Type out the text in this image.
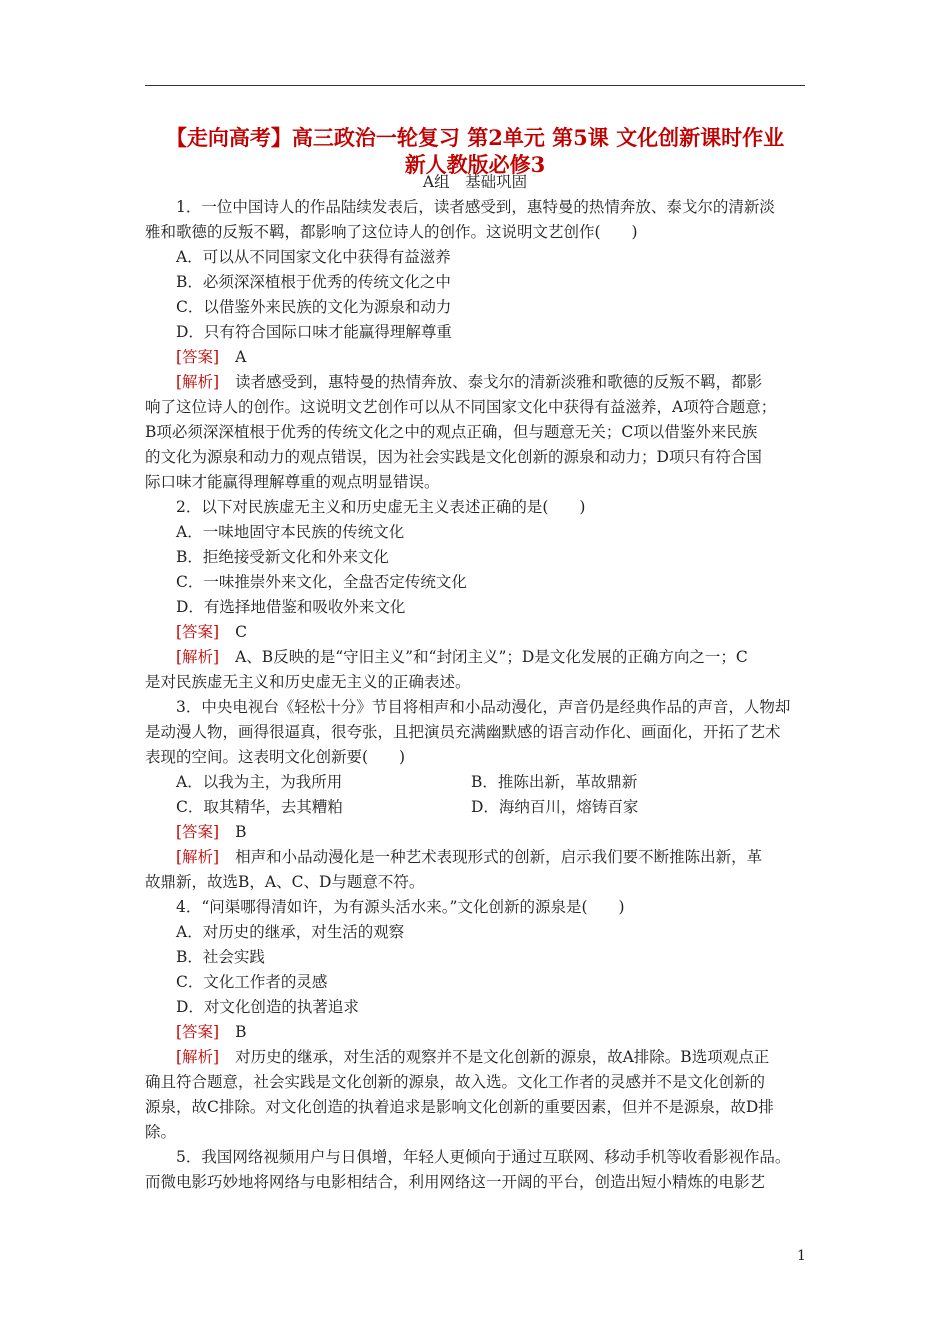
【走向高考】高三政治一轮复习 第2单元 第5课 文化创新课时作业
新人教版必修3
A组　基础巩固
1．一位中国诗人的作品陆续发表后，读者感受到，惠特曼的热情奔放、泰戈尔的清新淡
雅和歌德的反叛不羁，都影响了这位诗人的创作。这说明文艺创作(　　)
A．可以从不同国家文化中获得有益滋养
B．必须深深植根于优秀的传统文化之中
C．以借鉴外来民族的文化为源泉和动力
D．只有符合国际口味才能赢得理解尊重
[答案] A
[解析] 读者感受到，惠特曼的热情奔放、泰戈尔的清新淡雅和歌德的反叛不羁，都影
响了这位诗人的创作。这说明文艺创作可以从不同国家文化中获得有益滋养，A项符合题意；
B项必须深深植根于优秀的传统文化之中的观点正确，但与题意无关；C项以借鉴外来民族
的文化为源泉和动力的观点错误，因为社会实践是文化创新的源泉和动力；D项只有符合国
际口味才能赢得理解尊重的观点明显错误。
2．以下对民族虚无主义和历史虚无主义表述正确的是(　　)
A．一味地固守本民族的传统文化
B．拒绝接受新文化和外来文化
C．一味推崇外来文化，全盘否定传统文化
D．有选择地借鉴和吸收外来文化
[答案] C
[解析] A、B反映的是“守旧主义”和“封闭主义”；D是文化发展的正确方向之一；C
是对民族虚无主义和历史虚无主义的正确表述。
3．中央电视台《轻松十分》节目将相声和小品动漫化，声音仍是经典作品的声音，人物却
是动漫人物，画得很逼真，很夸张，且把演员充满幽默感的语言动作化、画面化，开拓了艺术
表现的空间。这表明文化创新要(　　)
A．以我为主，为我所用	B．推陈出新，革故鼎新
C．取其精华，去其糟粕	D．海纳百川，熔铸百家
[答案] B
[解析] 相声和小品动漫化是一种艺术表现形式的创新，启示我们要不断推陈出新，革
故鼎新，故选B，A、C、D与题意不符。
4．“问渠哪得清如许，为有源头活水来。”文化创新的源泉是(　　)
A．对历史的继承，对生活的观察
B．社会实践
C．文化工作者的灵感
D．对文化创造的执著追求
[答案] B
[解析] 对历史的继承，对生活的观察并不是文化创新的源泉，故A排除。B选项观点正
确且符合题意，社会实践是文化创新的源泉，故入选。文化工作者的灵感并不是文化创新的
源泉，故C排除。对文化创造的执着追求是影响文化创新的重要因素，但并不是源泉，故D排
除。
5．我国网络视频用户与日俱增，年轻人更倾向于通过互联网、移动手机等收看影视作品。
而微电影巧妙地将网络与电影相结合，利用网络这一开阔的平台，创造出短小精炼的电影艺
1
